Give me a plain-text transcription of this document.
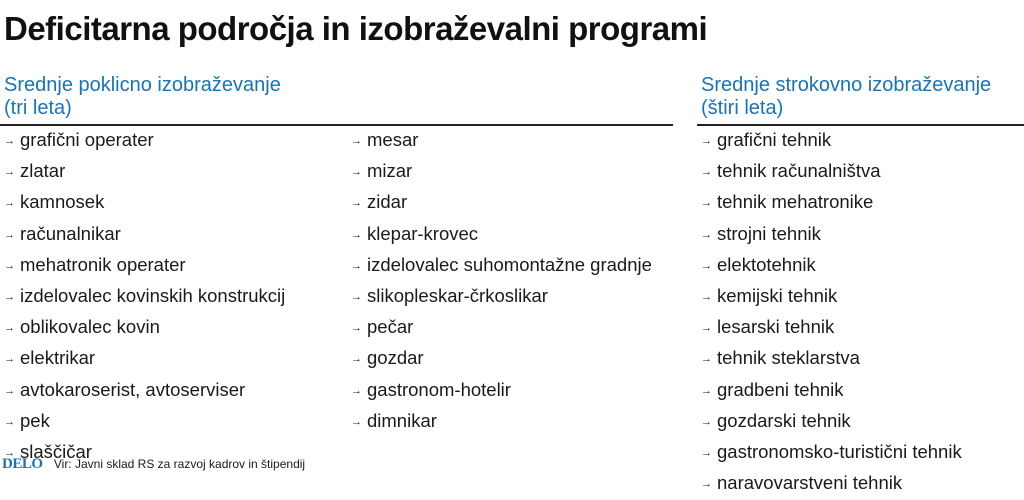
Deficitarna področja in izobraževalni programi
Srednje poklicno izobraževanje
(tri leta)
Srednje strokovno izobraževanje
(štiri leta)
→ grafični operater
→ zlatar
→ kamnosek
→ računalnikar
→ mehatronik operater
→ izdelovalec kovinskih konstrukcij
→ oblikovalec kovin
→ elektrikar
→ avtokaroserist, avtoserviser
→ pek
→ slaščičar
→ mesar
→ mizar
→ zidar
→ klepar-krovec
→ izdelovalec suhomontažne gradnje
→ slikopleskar-črkoslikar
→ pečar
→ gozdar
→ gastronom-hotelir
→ dimnikar
→ grafični tehnik
→ tehnik računalništva
→ tehnik mehatronike
→ strojni tehnik
→ elektotehnik
→ kemijski tehnik
→ lesarski tehnik
→ tehnik steklarstva
→ gradbeni tehnik
→ gozdarski tehnik
→ gastronomsko-turistični tehnik
→ naravovarstveni tehnik
DELO Vir: Javni sklad RS za razvoj kadrov in štipendij
